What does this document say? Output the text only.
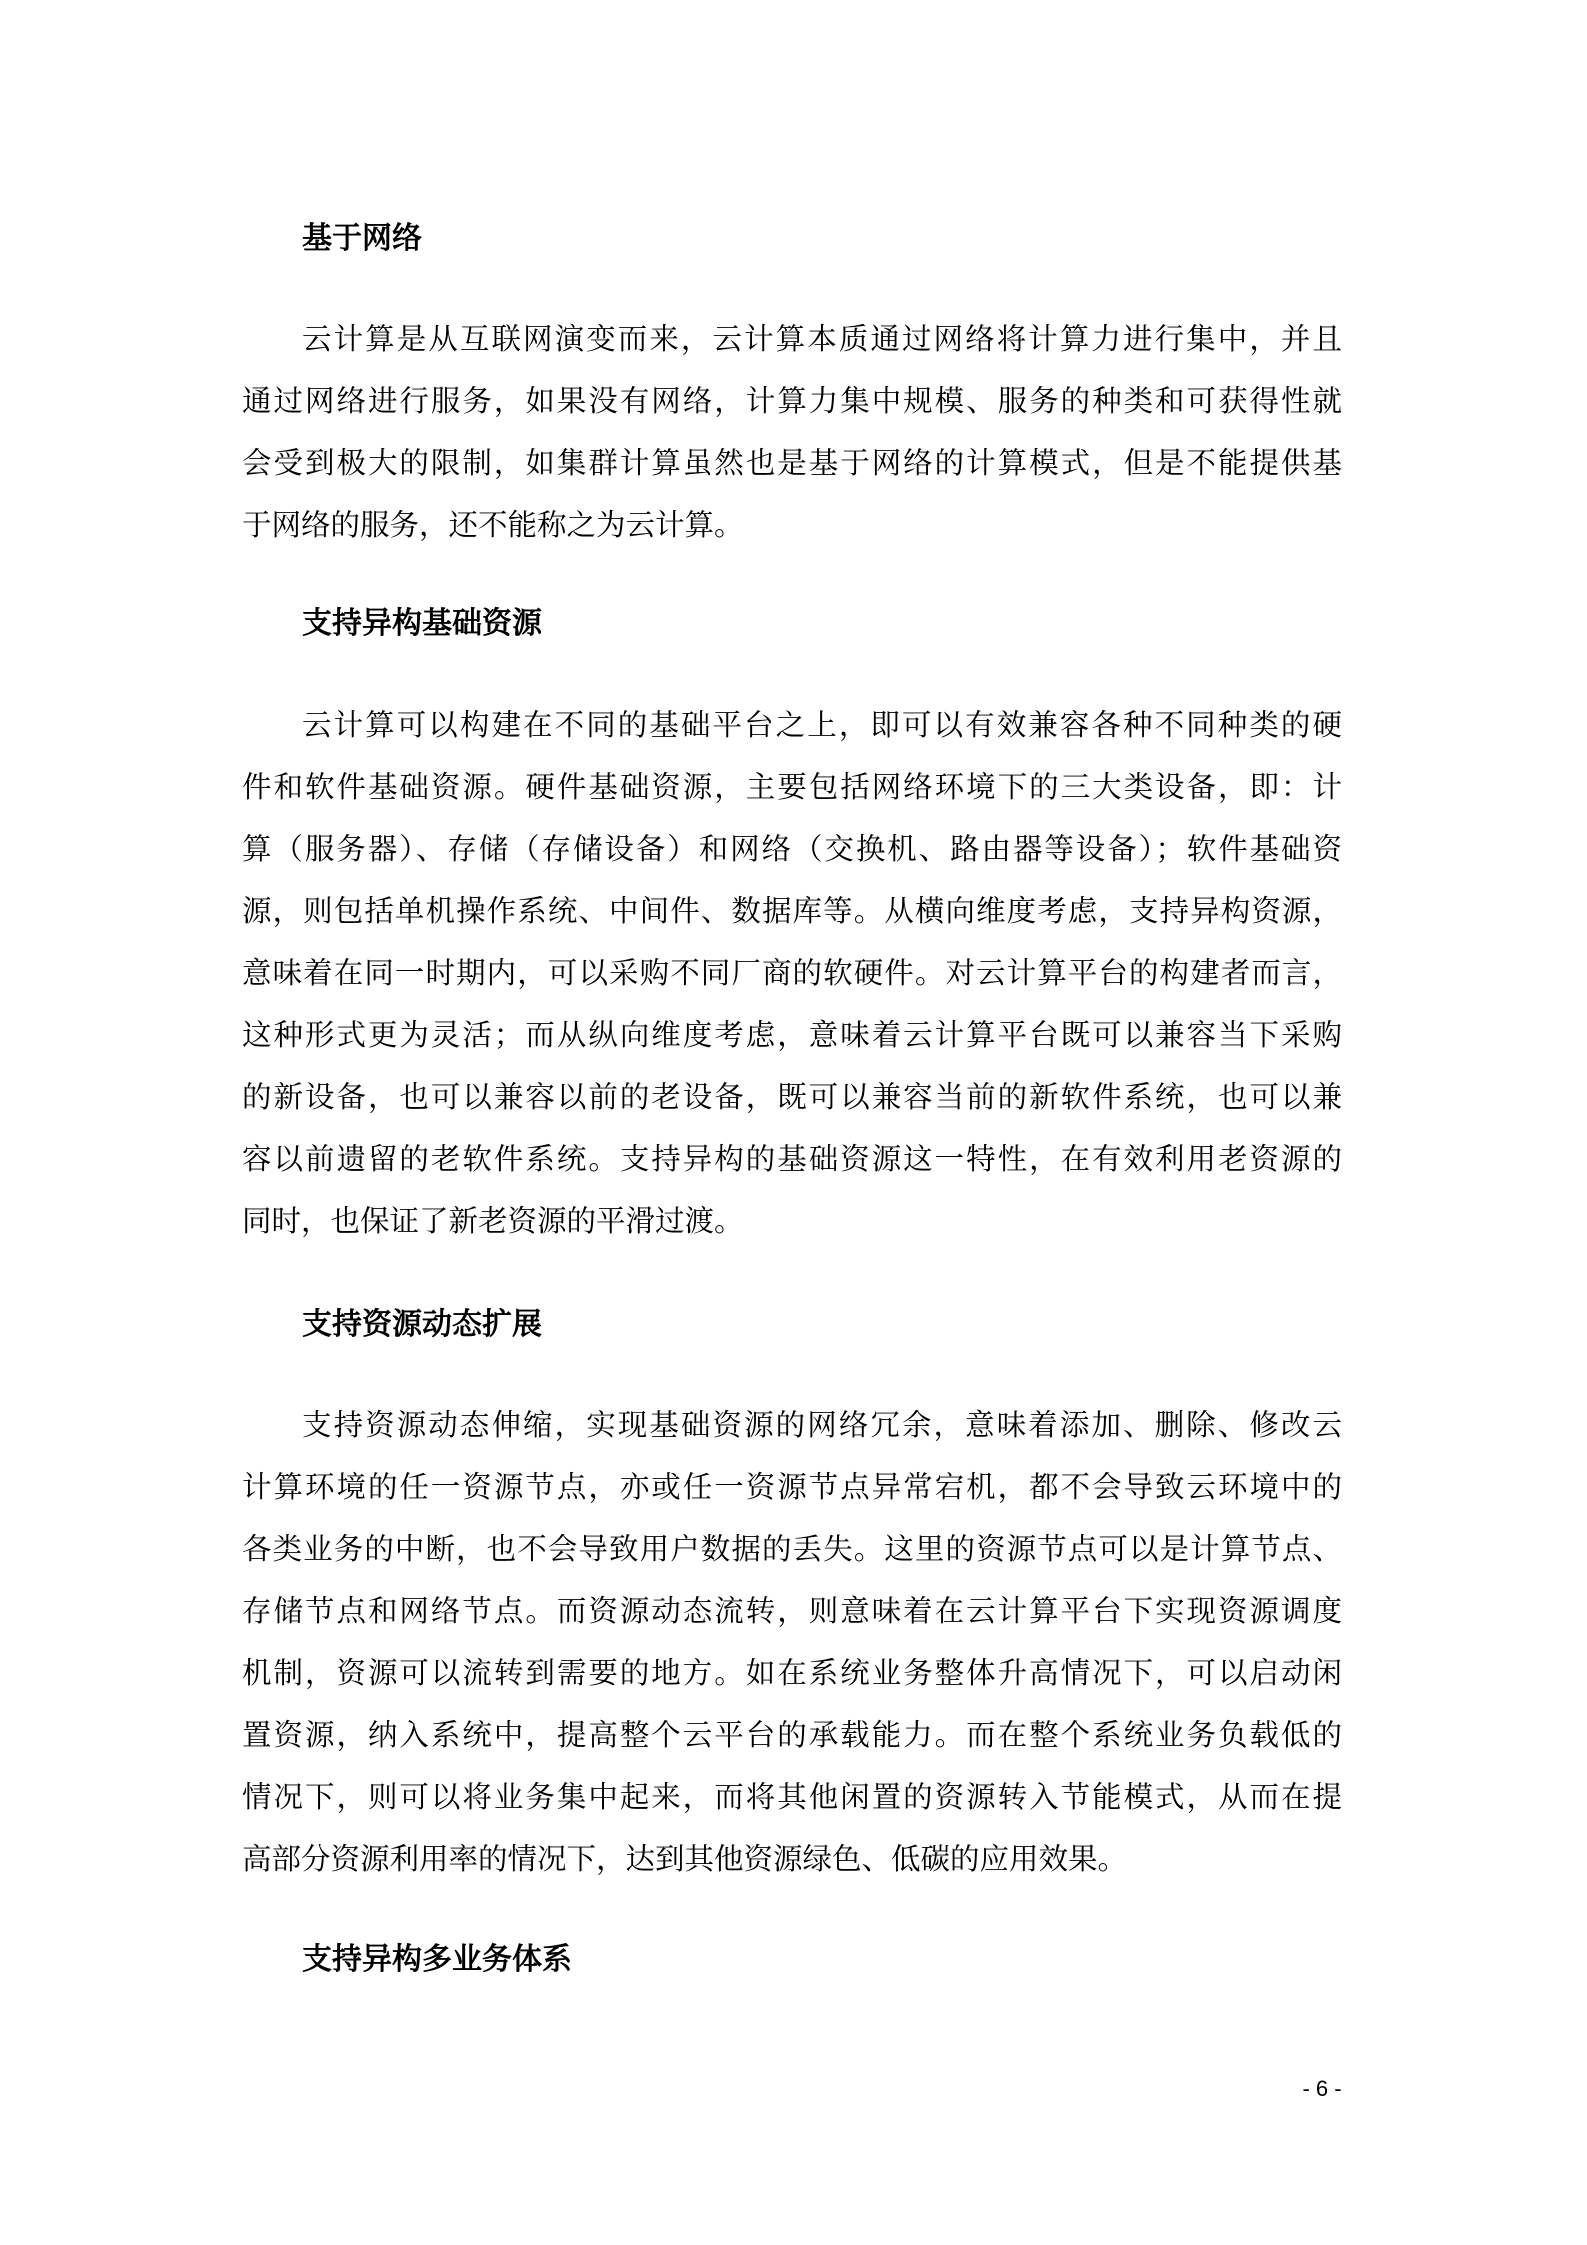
基于网络
云计算是从互联网演变而来，云计算本质通过网络将计算力进行集中，并且
通过网络进行服务，如果没有网络，计算力集中规模、服务的种类和可获得性就
会受到极大的限制，如集群计算虽然也是基于网络的计算模式，但是不能提供基
于网络的服务，还不能称之为云计算。
支持异构基础资源
云计算可以构建在不同的基础平台之上，即可以有效兼容各种不同种类的硬
件和软件基础资源。硬件基础资源，主要包括网络环境下的三大类设备，即：计
算（服务器）、存储（存储设备）和网络（交换机、路由器等设备）；软件基础资
源，则包括单机操作系统、中间件、数据库等。从横向维度考虑，支持异构资源，
意味着在同一时期内，可以采购不同厂商的软硬件。对云计算平台的构建者而言，
这种形式更为灵活；而从纵向维度考虑，意味着云计算平台既可以兼容当下采购
的新设备，也可以兼容以前的老设备，既可以兼容当前的新软件系统，也可以兼
容以前遗留的老软件系统。支持异构的基础资源这一特性，在有效利用老资源的
同时，也保证了新老资源的平滑过渡。
支持资源动态扩展
支持资源动态伸缩，实现基础资源的网络冗余，意味着添加、删除、修改云
计算环境的任一资源节点，亦或任一资源节点异常宕机，都不会导致云环境中的
各类业务的中断，也不会导致用户数据的丢失。这里的资源节点可以是计算节点、
存储节点和网络节点。而资源动态流转，则意味着在云计算平台下实现资源调度
机制，资源可以流转到需要的地方。如在系统业务整体升高情况下，可以启动闲
置资源，纳入系统中，提高整个云平台的承载能力。而在整个系统业务负载低的
情况下，则可以将业务集中起来，而将其他闲置的资源转入节能模式，从而在提
高部分资源利用率的情况下，达到其他资源绿色、低碳的应用效果。
支持异构多业务体系
- 6 -
